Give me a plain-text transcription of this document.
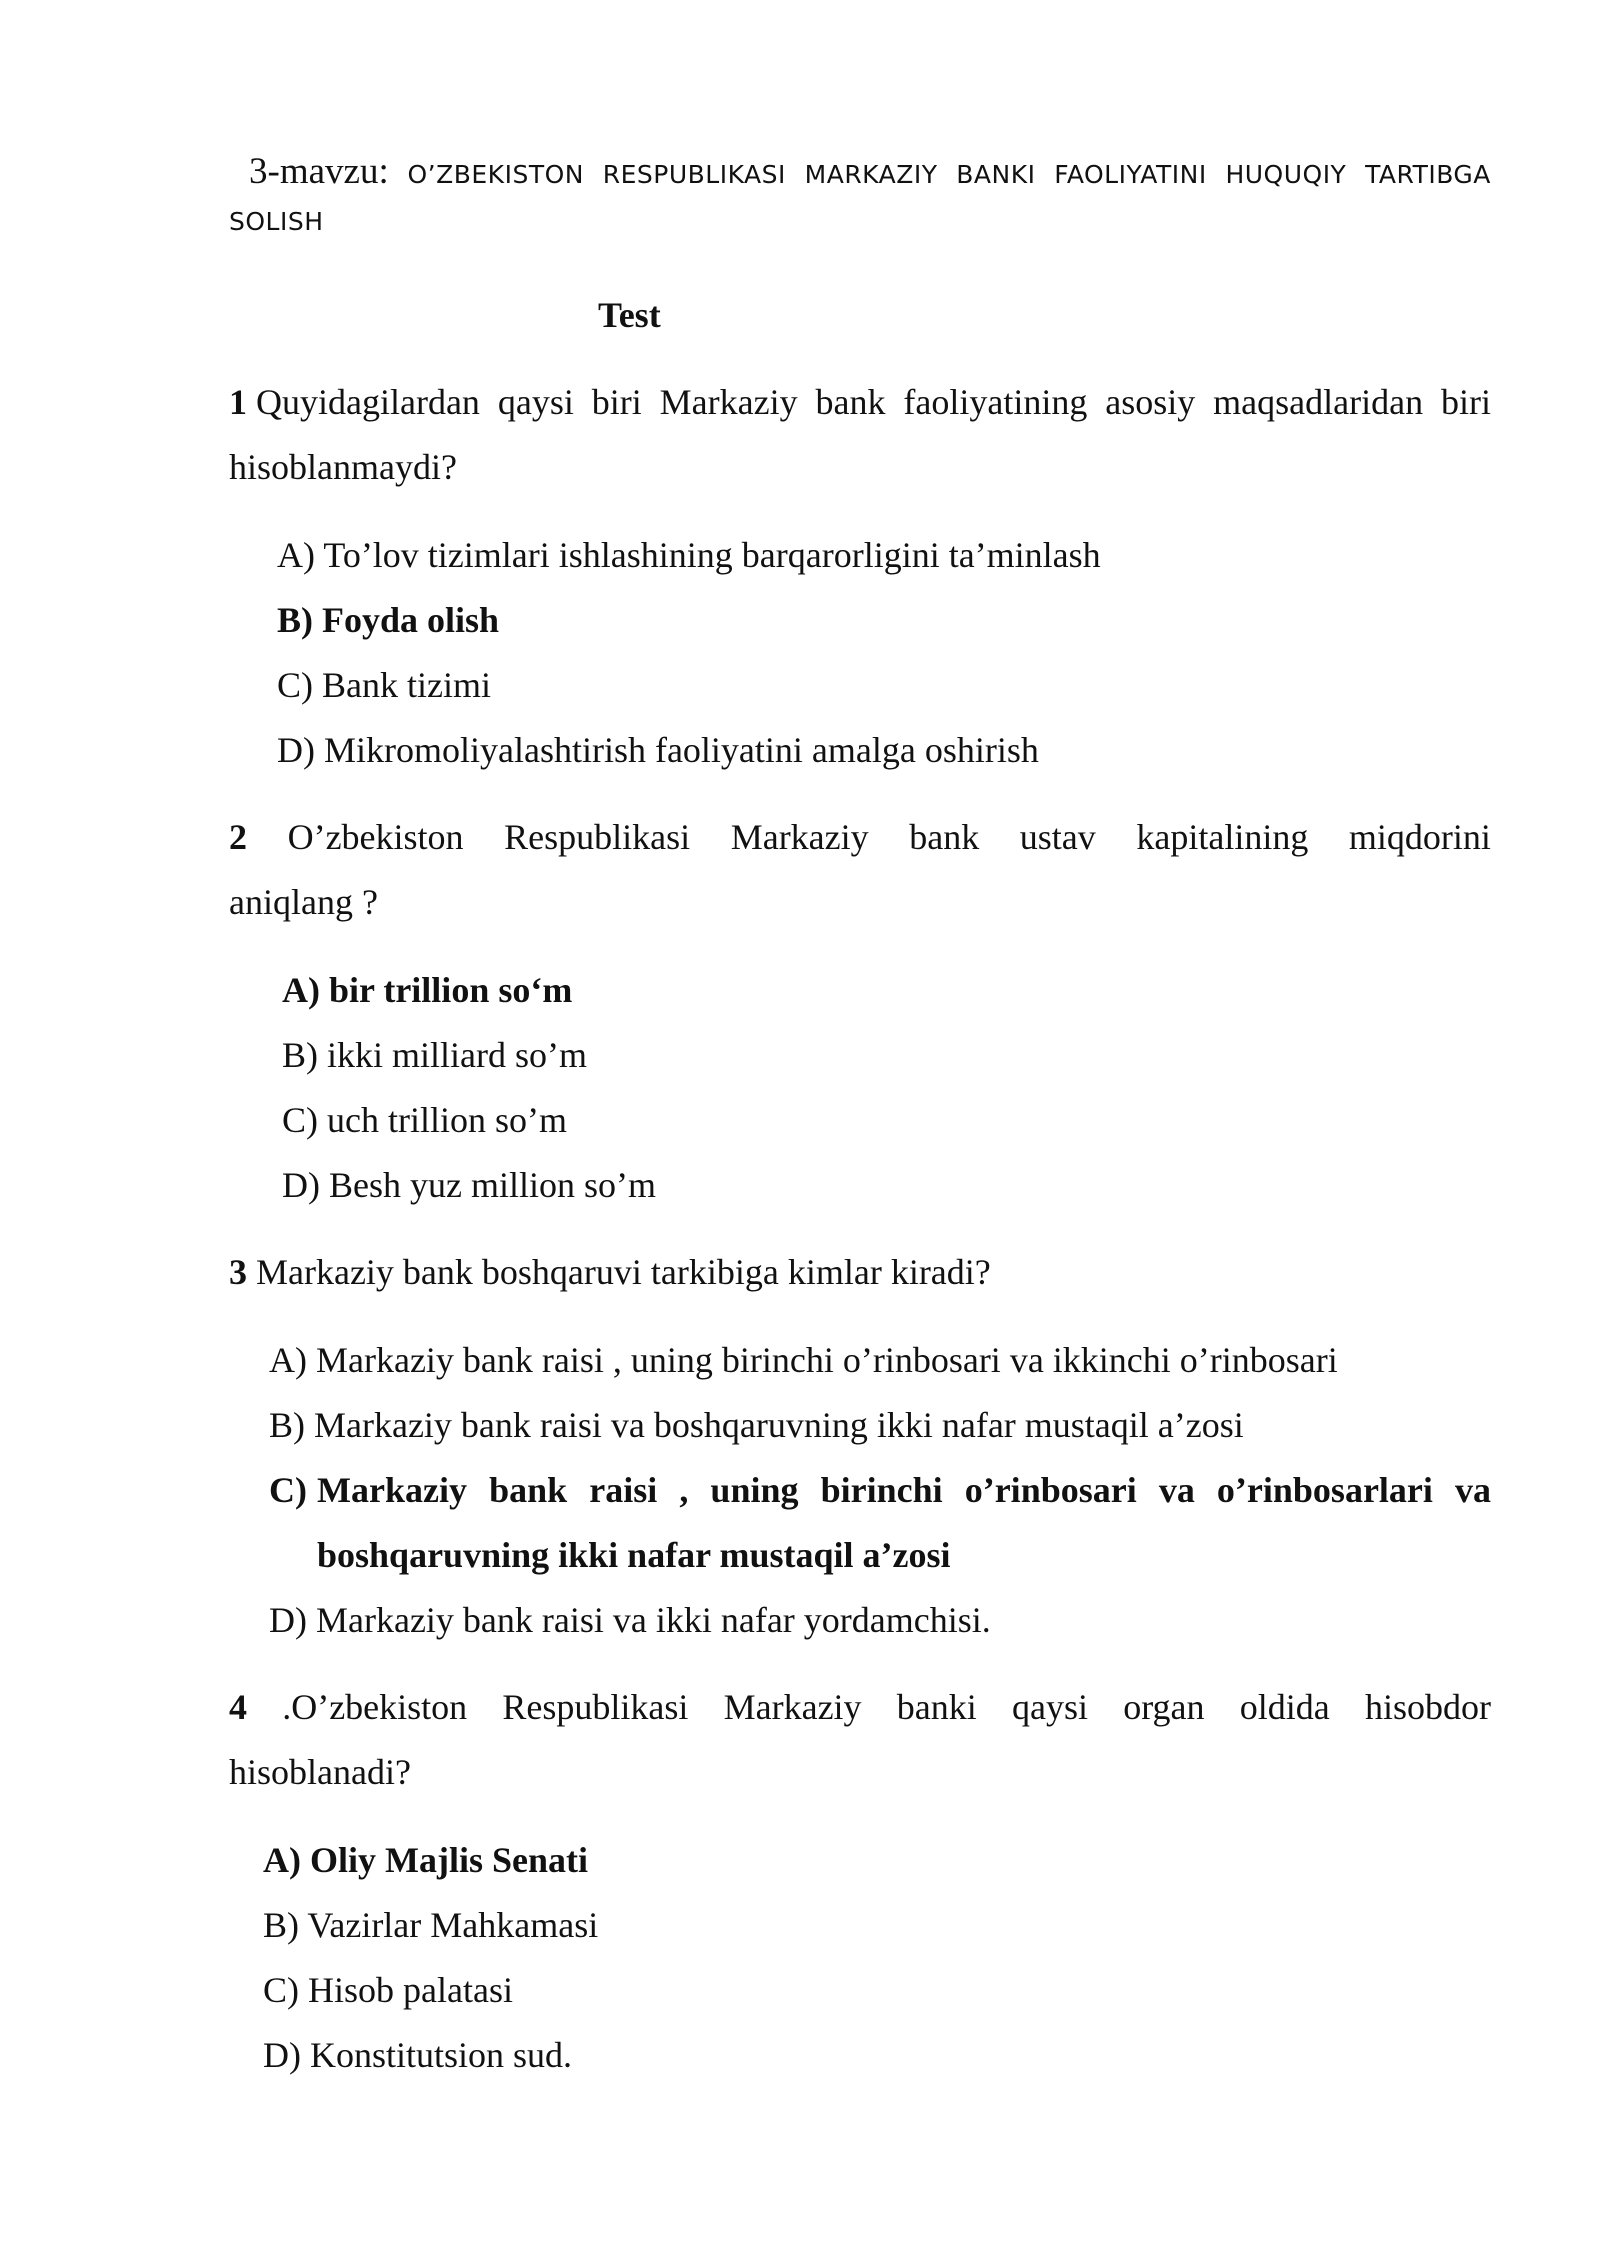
3-mavzu: O’ZBEKISTON RESPUBLIKASI MARKAZIY BANKI FAOLIYATINI HUQUQIY TARTIBGA
SOLISH
Test
1 Quyidagilardan qaysi biri Markaziy bank faoliyatining asosiy maqsadlaridan biri
hisoblanmaydi?
A) To’lov tizimlari ishlashining barqarorligini ta’minlash
B) Foyda olish
C) Bank tizimi
D) Mikromoliyalashtirish faoliyatini amalga oshirish
2 O’zbekiston Respublikasi Markaziy bank ustav kapitalining miqdorini
aniqlang ?
A) bir trillion so‘m
B) ikki milliard so’m
C) uch trillion so’m
D) Besh yuz million so’m
3 Markaziy bank boshqaruvi tarkibiga kimlar kiradi?
A) Markaziy bank raisi , uning birinchi o’rinbosari va ikkinchi o’rinbosari
B) Markaziy bank raisi va boshqaruvning ikki nafar mustaqil a’zosi
C) Markaziy bank raisi , uning birinchi o’rinbosari va o’rinbosarlari va
boshqaruvning ikki nafar mustaqil a’zosi
D) Markaziy bank raisi va ikki nafar yordamchisi.
4 .O’zbekiston Respublikasi Markaziy banki qaysi organ oldida hisobdor
hisoblanadi?
A) Oliy Majlis Senati
B) Vazirlar Mahkamasi
C) Hisob palatasi
D) Konstitutsion sud.
